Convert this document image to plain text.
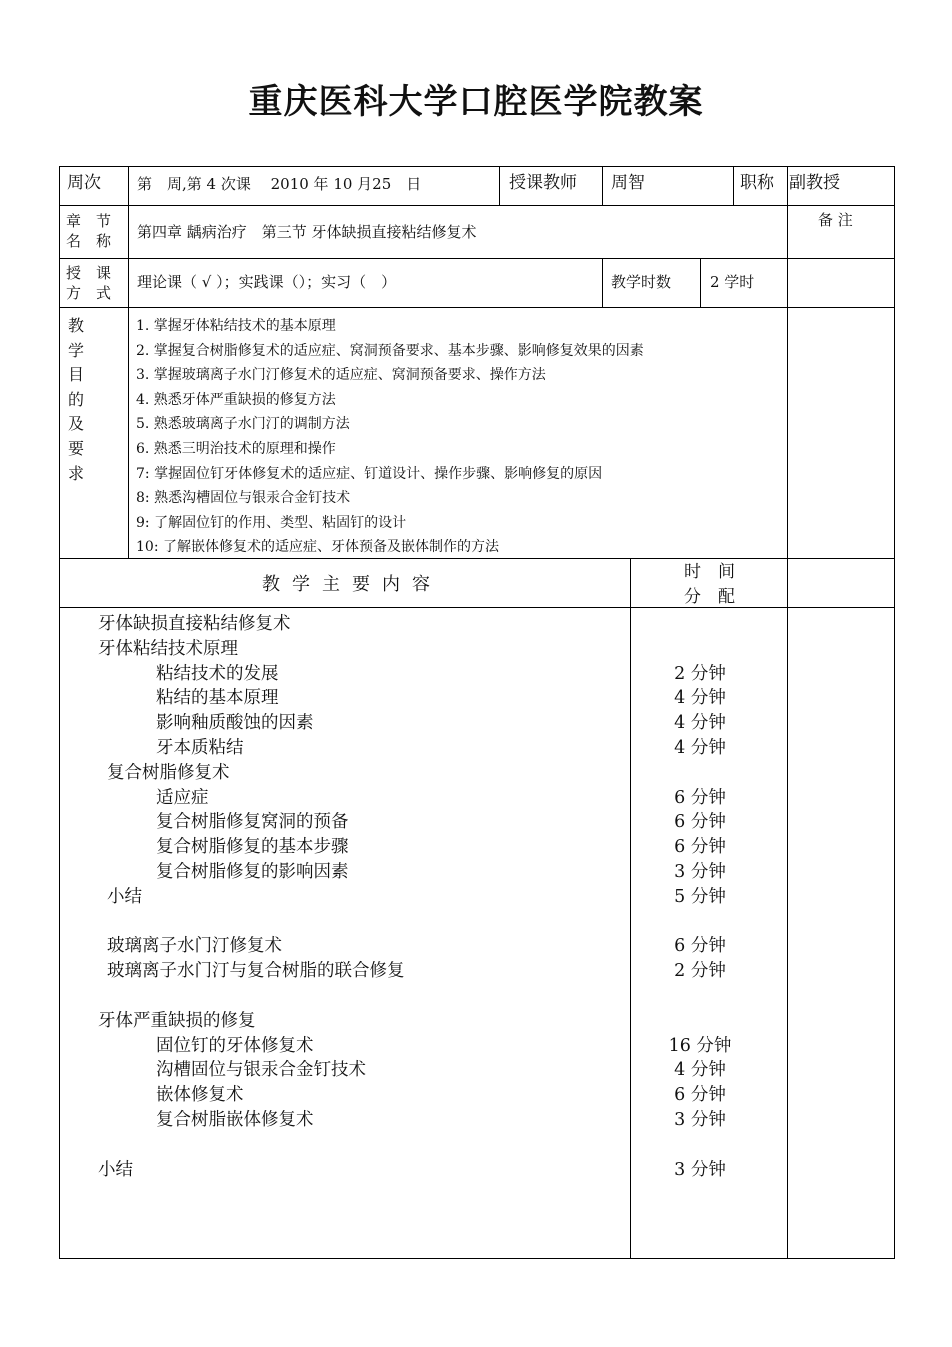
重庆医科大学口腔医学院教案
周次 第　周,第 4 次课　 2010 年 10 月25　日	授课教师 周智	职称 副教授
章　节
名　称 第四章 龋病治疗　第三节 牙体缺损直接粘结修复术
备 注
授　课
方　式
理论课（ √ ）；实践课（）；实习（　）	教学时数	2 学时
教学目的及要求
1. 掌握牙体粘结技术的基本原理
2. 掌握复合树脂修复术的适应症、窝洞预备要求、基本步骤、影响修复效果的因素
3. 掌握玻璃离子水门汀修复术的适应症、窝洞预备要求、操作方法
4. 熟悉牙体严重缺损的修复方法
5. 熟悉玻璃离子水门汀的调制方法
6. 熟悉三明治技术的原理和操作
7: 掌握固位钉牙体修复术的适应症、钉道设计、操作步骤、影响修复的原因
8: 熟悉沟槽固位与银汞合金钉技术
9: 了解固位钉的作用、类型、粘固钉的设计
10: 了解嵌体修复术的适应症、牙体预备及嵌体制作的方法
教学主要内容
时　间
分　配
牙体缺损直接粘结修复术
牙体粘结技术原理
粘结技术的发展	2 分钟
粘结的基本原理	4 分钟
影响釉质酸蚀的因素	4 分钟
牙本质粘结	4 分钟
复合树脂修复术
适应症	6 分钟
复合树脂修复窝洞的预备	6 分钟
复合树脂修复的基本步骤	6 分钟
复合树脂修复的影响因素	3 分钟
小结	5 分钟
玻璃离子水门汀修复术	6 分钟
玻璃离子水门汀与复合树脂的联合修复	2 分钟
牙体严重缺损的修复
固位钉的牙体修复术	16 分钟
沟槽固位与银汞合金钉技术	4 分钟
嵌体修复术	6 分钟
复合树脂嵌体修复术	3 分钟
小结	3 分钟
